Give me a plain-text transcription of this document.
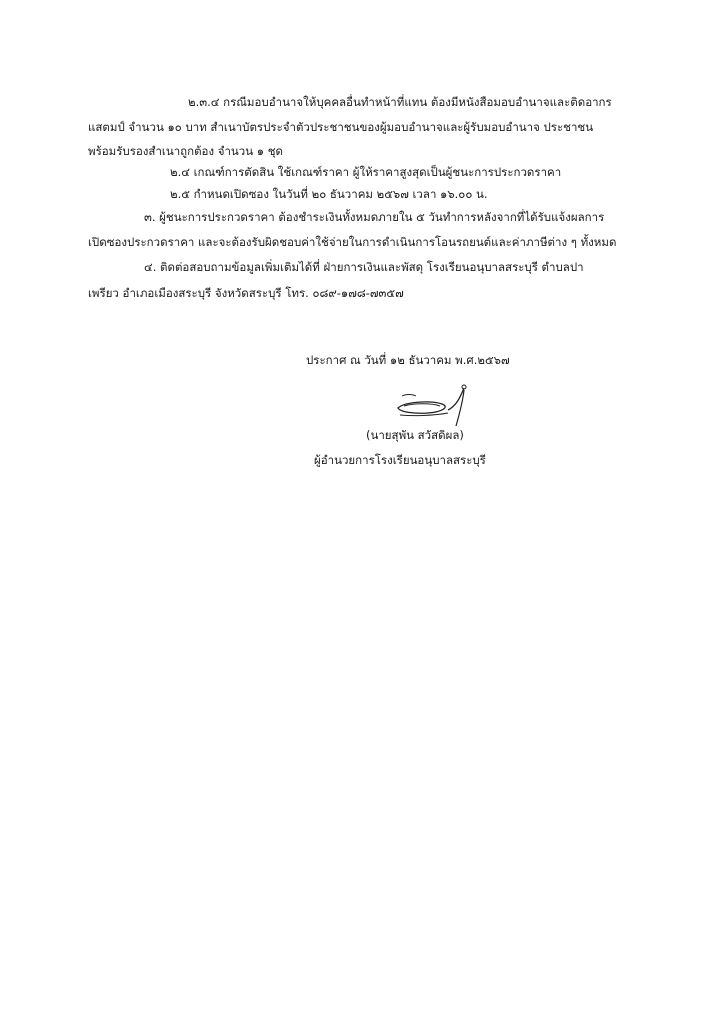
๒.๓.๔ กรณีมอบอำนาจให้บุคคลอื่นทำหน้าที่แทน ต้องมีหนังสือมอบอำนาจและติดอากร
แสตมป์ จำนวน ๑๐ บาท สำเนาบัตรประจำตัวประชาชนของผู้มอบอำนาจและผู้รับมอบอำนาจ ประชาชน
พร้อมรับรองสำเนาถูกต้อง จำนวน ๑ ชุด
๒.๔ เกณฑ์การตัดสิน ใช้เกณฑ์ราคา ผู้ให้ราคาสูงสุดเป็นผู้ชนะการประกวดราคา
๒.๕ กำหนดเปิดซอง ในวันที่ ๒๐ ธันวาคม ๒๕๖๗ เวลา ๑๖.๐๐ น.
๓. ผู้ชนะการประกวดราคา ต้องชำระเงินทั้งหมดภายใน ๕ วันทำการหลังจากที่ได้รับแจ้งผลการ
เปิดซองประกวดราคา และจะต้องรับผิดชอบค่าใช้จ่ายในการดำเนินการโอนรถยนต์และค่าภาษีต่าง ๆ ทั้งหมด
๔. ติดต่อสอบถามข้อมูลเพิ่มเติมได้ที่ ฝ่ายการเงินและพัสดุ โรงเรียนอนุบาลสระบุรี ตำบลปา
เพรียว อำเภอเมืองสระบุรี จังหวัดสระบุรี โทร. ๐๘๙-๑๗๘-๗๓๕๗
ประกาศ ณ วันที่ ๑๒ ธันวาคม พ.ศ.๒๕๖๗
(นายสุพัน สวัสดิผล)
ผู้อำนวยการโรงเรียนอนุบาลสระบุรี
